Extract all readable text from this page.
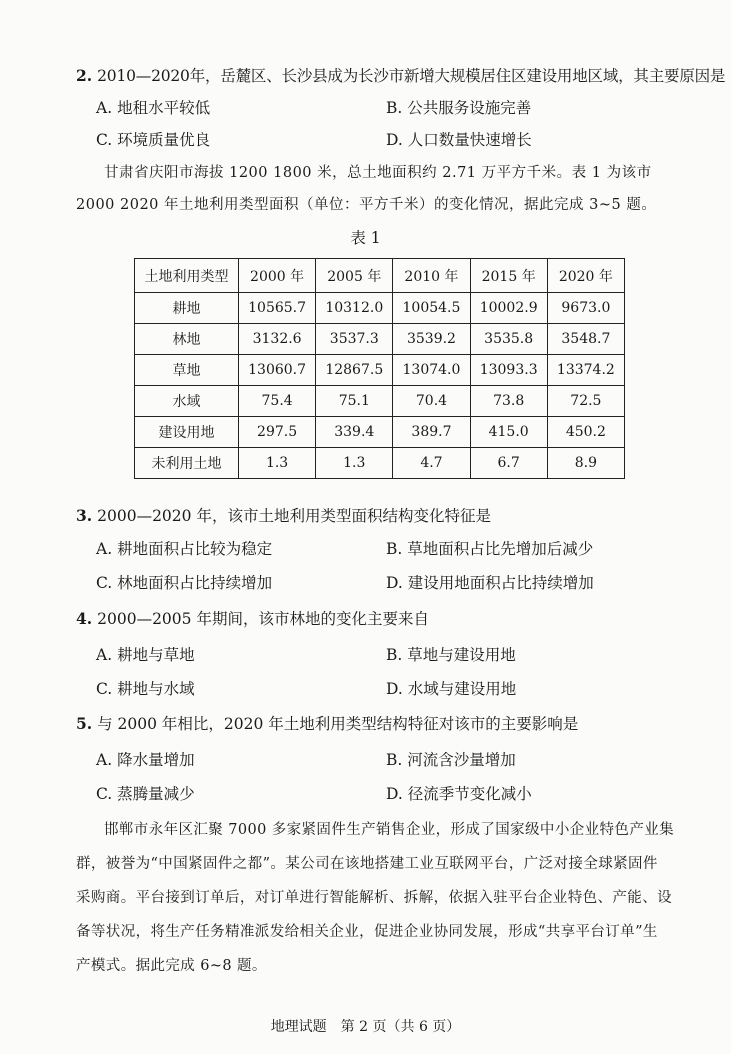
2. 2010—2020年，岳麓区、长沙县成为长沙市新增大规模居住区建设用地区域，其主要原因是
A. 地租水平较低	B. 公共服务设施完善
C. 环境质量优良	D. 人口数量快速增长
甘肃省庆阳市海拔 1200 1800 米，总土地面积约 2.71 万平方千米。表 1 为该市
2000 2020 年土地利用类型面积（单位：平方千米）的变化情况，据此完成 3~5 题。
表 1
土地利用类型	2000 年	2005 年	2010 年	2015 年	2020 年
耕地	10565.7	10312.0	10054.5	10002.9	9673.0
林地	3132.6	3537.3	3539.2	3535.8	3548.7
草地	13060.7	12867.5	13074.0	13093.3	13374.2
水域	75.4	75.1	70.4	73.8	72.5
建设用地	297.5	339.4	389.7	415.0	450.2
未利用土地	1.3	1.3	4.7	6.7	8.9
3. 2000—2020 年，该市土地利用类型面积结构变化特征是
A. 耕地面积占比较为稳定	B. 草地面积占比先增加后减少
C. 林地面积占比持续增加	D. 建设用地面积占比持续增加
4. 2000—2005 年期间，该市林地的变化主要来自
A. 耕地与草地	B. 草地与建设用地
C. 耕地与水域	D. 水域与建设用地
5. 与 2000 年相比，2020 年土地利用类型结构特征对该市的主要影响是
A. 降水量增加	B. 河流含沙量增加
C. 蒸腾量减少	D. 径流季节变化减小
邯郸市永年区汇聚 7000 多家紧固件生产销售企业，形成了国家级中小企业特色产业集
群，被誉为“中国紧固件之都”。某公司在该地搭建工业互联网平台，广泛对接全球紧固件
采购商。平台接到订单后，对订单进行智能解析、拆解，依据入驻平台企业特色、产能、设
备等状况，将生产任务精准派发给相关企业，促进企业协同发展，形成“共享平台订单”生
产模式。据此完成 6~8 题。
地理试题　第 2 页（共 6 页）
